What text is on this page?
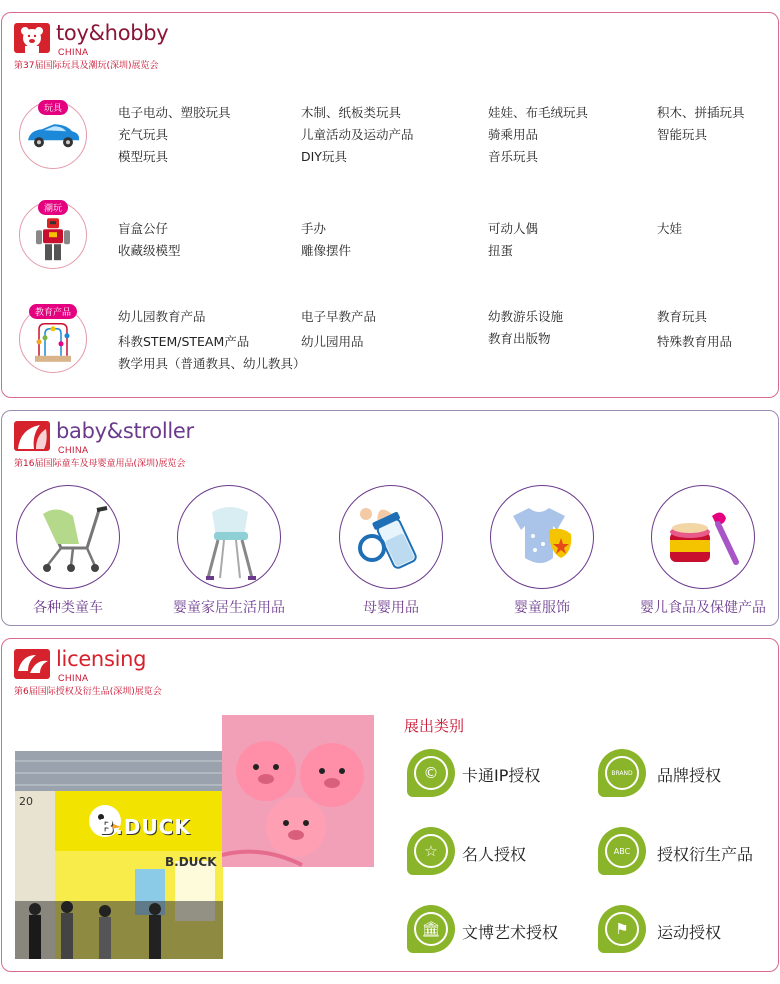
toy&hobby
CHINA
第37届国际玩具及潮玩(深圳)展览会
玩具	电子电动、塑胶玩具	木制、纸板类玩具	娃娃、布毛绒玩具	积木、拼插玩具
充气玩具	儿童活动及运动产品	骑乘用品	智能玩具
模型玩具	DIY玩具	音乐玩具
潮玩
盲盒公仔	手办	可动人偶	大娃
收藏级模型	雕像摆件	扭蛋
教育产品	幼儿园教育产品	电子早教产品	幼教游乐设施	教育玩具
科教STEM/STEAM产品	幼儿园用品	教育出版物	特殊教育用品
教学用具（普通教具、幼儿教具）
baby&stroller
CHINA
第16届国际童车及母婴童用品(深圳)展览会
各种类童车	婴童家居生活用品	母婴用品	婴童服饰	婴儿食品及保健产品
licensing
CHINA
第6届国际授权及衍生品(深圳)展览会
20
B.DUCK
B.DUCK
展出类别
©	卡通IP授权	BRAND	品牌授权
☆	名人授权	ABC	授权衍生产品
🏛	文博艺术授权	⚑	运动授权
